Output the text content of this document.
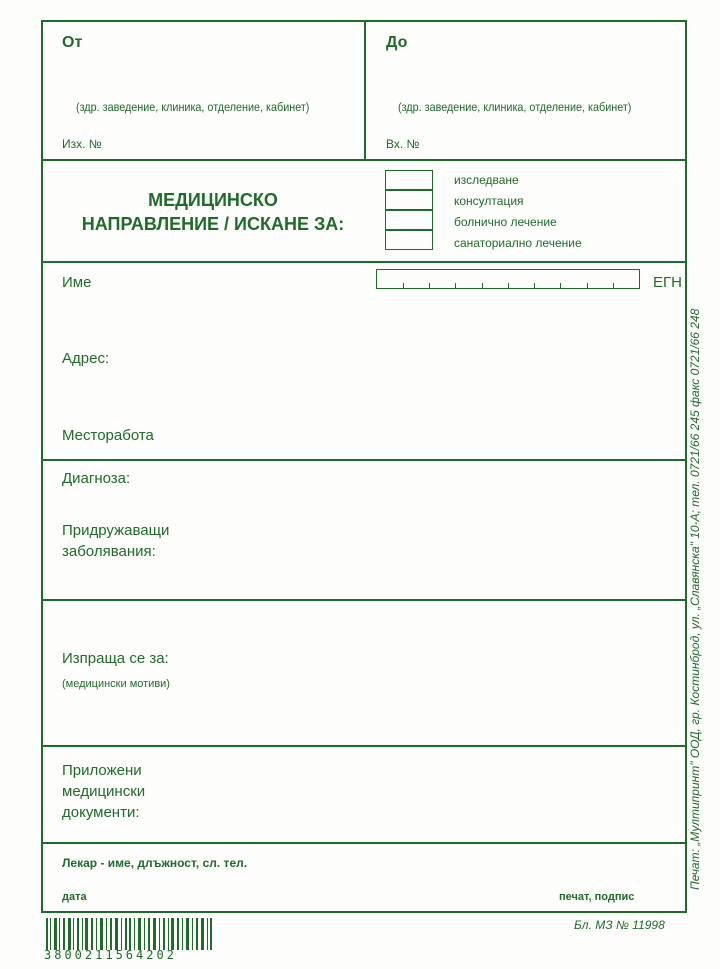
От
(здр. заведение, клиника, отделение, кабинет)
Изх. №
До
(здр. заведение, клиника, отделение, кабинет)
Вх. №
МЕДИЦИНСКО
НАПРАВЛЕНИЕ / ИСКАНЕ ЗА:
изследване
консултация
болнично лечение
санаториално лечение
Име	ЕГН
Адрес:
Месторабота
Диагноза:
Придружаващи
заболявания:
Изпраща се за:
(медицински мотиви)
Приложени
медицински
документи:
Лекар - име, длъжност, сл. тел.
дата	печат, подпис
Бл. МЗ № 11998
3800211564202
Печат: „Мултипринт" ООД, гр. Костинброд, ул. „Славянска" 10-А; тел. 0721/66 245 факс 0721/66 248
